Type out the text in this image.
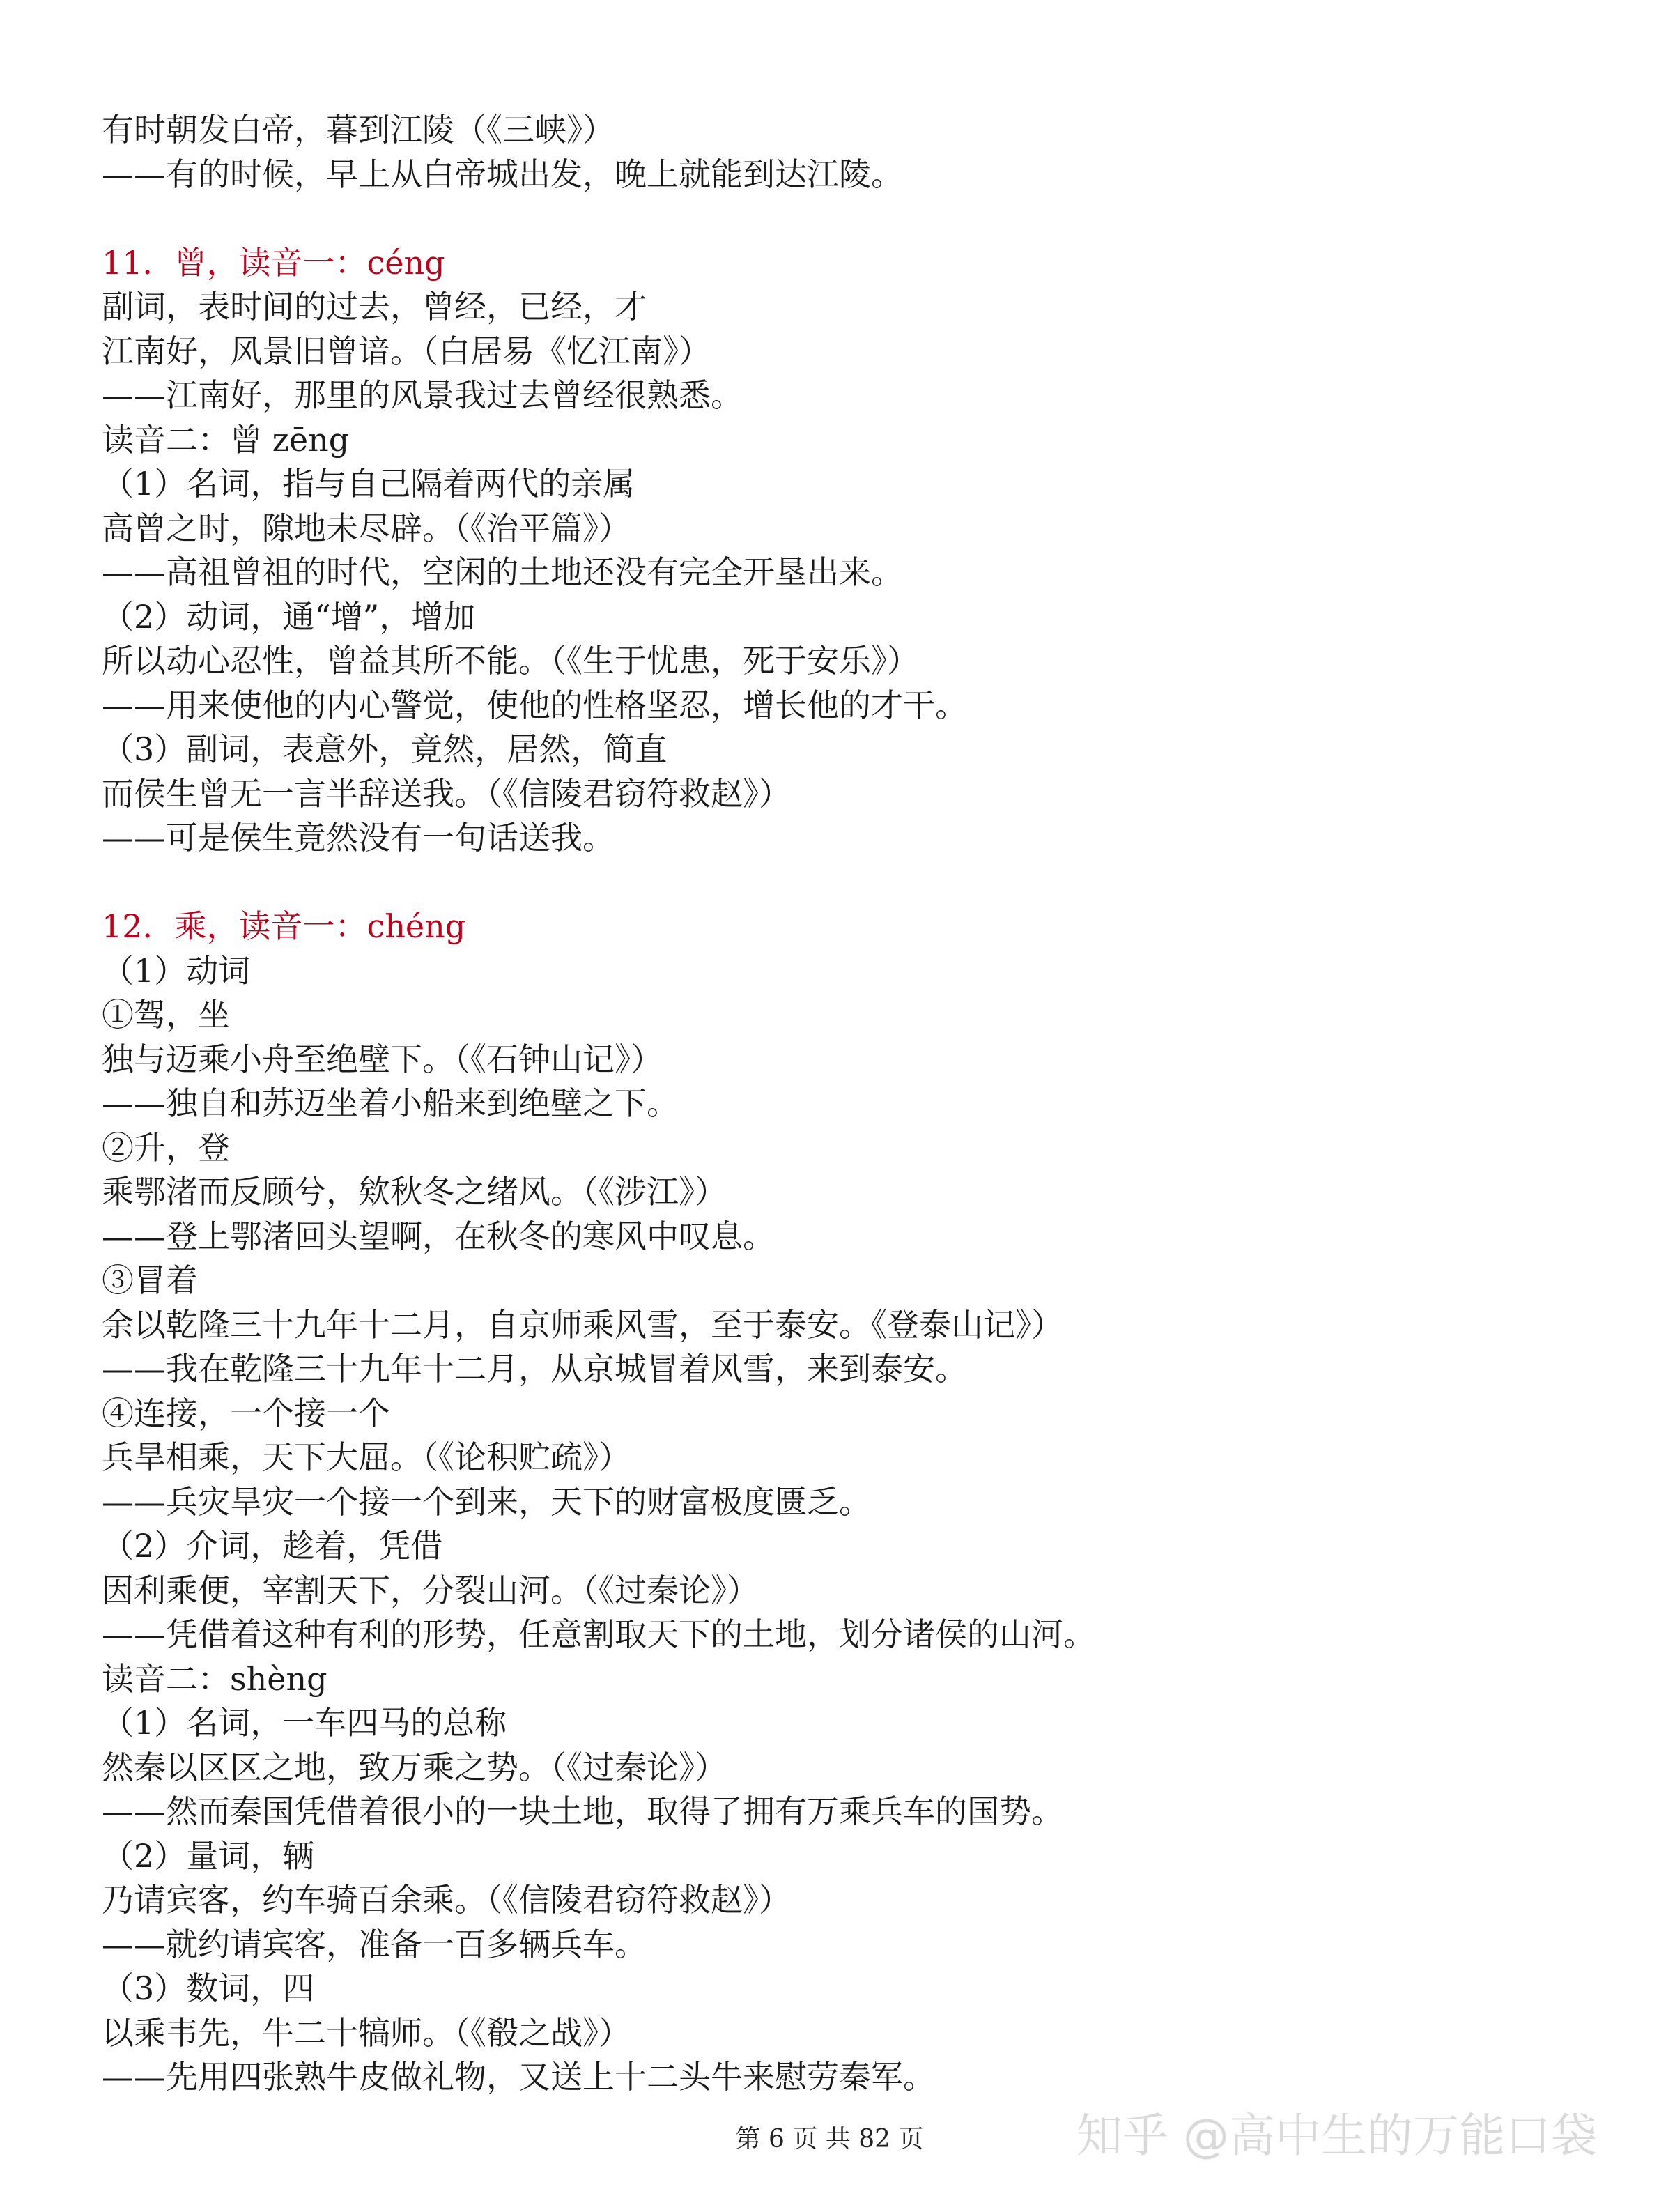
有时朝发白帝，暮到江陵（《三峡》）
——有的时候，早上从白帝城出发，晚上就能到达江陵。
11．曾，读音一：céng
副词，表时间的过去，曾经，已经，才
江南好，风景旧曾谙。（白居易《忆江南》）
——江南好，那里的风景我过去曾经很熟悉。
读音二：曾 zēng
（1）名词，指与自己隔着两代的亲属
高曾之时，隙地未尽辟。（《治平篇》）
——高祖曾祖的时代，空闲的土地还没有完全开垦出来。
（2）动词，通“增”，增加
所以动心忍性，曾益其所不能。（《生于忧患，死于安乐》）
——用来使他的内心警觉，使他的性格坚忍，增长他的才干。
（3）副词，表意外，竟然，居然，简直
而侯生曾无一言半辞送我。（《信陵君窃符救赵》）
——可是侯生竟然没有一句话送我。
12．乘，读音一：chéng
（1）动词
①驾，坐
独与迈乘小舟至绝壁下。（《石钟山记》）
——独自和苏迈坐着小船来到绝壁之下。
②升，登
乘鄂渚而反顾兮，欸秋冬之绪风。（《涉江》）
——登上鄂渚回头望啊，在秋冬的寒风中叹息。
③冒着
余以乾隆三十九年十二月，自京师乘风雪，至于泰安。《登泰山记》）
——我在乾隆三十九年十二月，从京城冒着风雪，来到泰安。
④连接，一个接一个
兵旱相乘，天下大屈。（《论积贮疏》）
——兵灾旱灾一个接一个到来，天下的财富极度匮乏。
（2）介词，趁着，凭借
因利乘便，宰割天下，分裂山河。（《过秦论》）
——凭借着这种有利的形势，任意割取天下的土地，划分诸侯的山河。
读音二：shèng
（1）名词，一车四马的总称
然秦以区区之地，致万乘之势。（《过秦论》）
——然而秦国凭借着很小的一块土地，取得了拥有万乘兵车的国势。
（2）量词，辆
乃请宾客，约车骑百余乘。（《信陵君窃符救赵》）
——就约请宾客，准备一百多辆兵车。
（3）数词，四
以乘韦先，牛二十犒师。（《殽之战》）
——先用四张熟牛皮做礼物，又送上十二头牛来慰劳秦军。
第 6 页 共 82 页	知乎 @高中生的万能口袋
